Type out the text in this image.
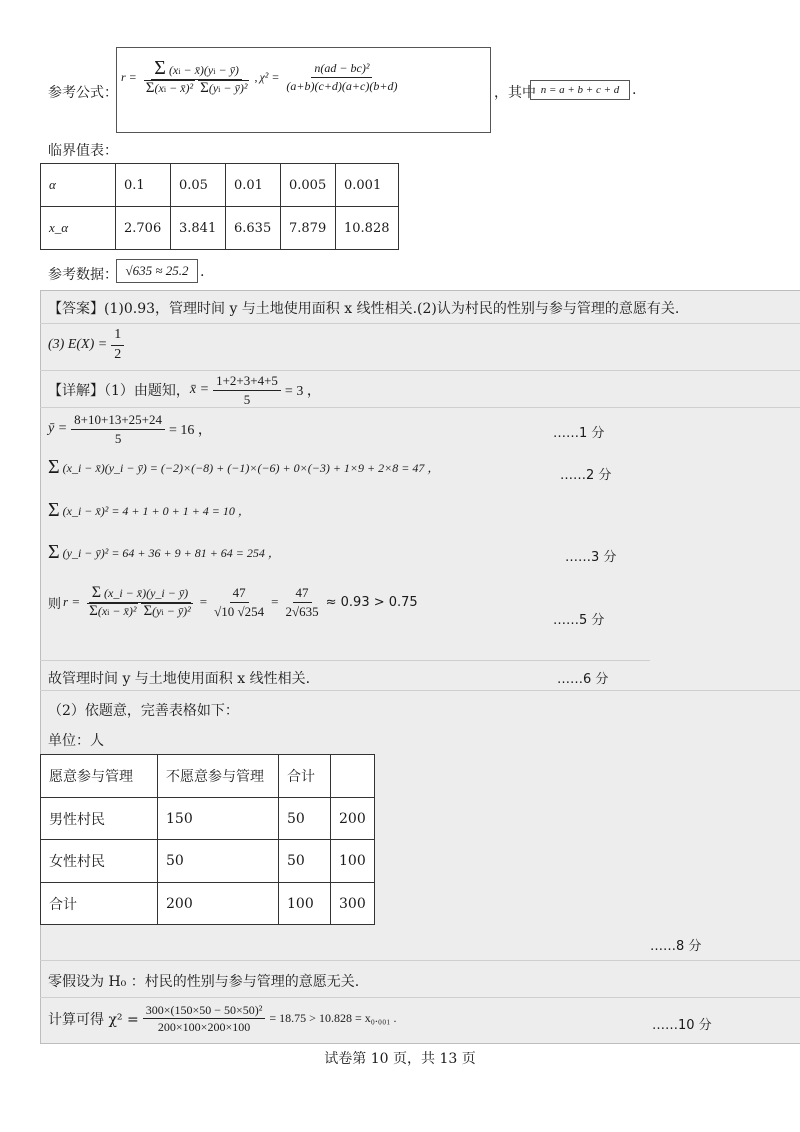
参考公式：
$r = \frac{\Sigma (xi - x̄)(yi - ȳ)}{\text{Σ(xi − x̄)² Σ(yi − ȳ)²}}$ , $\chi^2 = \frac{\text{n(ad − bc)²}}{(a+b)(c+d)(a+c)(b+d)}$
，其中 n = a + b + c + d .
临界值表：
α	0.1	0.05	0.01	0.005	0.001
x_α	2.706	3.841	6.635	7.879	10.828
参考数据： √635 ≈ 25.2 .
【答案】(1)0.93，管理时间 y 与土地使用面积 x 线性相关.(2)认为村民的性别与参与管理的意愿有关.
(3) $E(X) = \frac{1}{2}$
【详解】（1）由题知， x̄ = $\frac{1+2+3+4+5}{5} = 3$ ，
ȳ = $\frac{8+10+13+25+24}{5} = 16$ ，	……1 分
Σ (x_i − x̄)(y_i − ȳ) = (−2)×(−8) + (−1)×(−6) + 0×(−3) + 1×9 + 2×8 = 47 ，
……2 分
Σ (x_i − x̄)² = 4 + 1 + 0 + 1 + 4 = 10 ，
Σ (y_i − ȳ)² = 64 + 36 + 9 + 81 + 64 = 254 ，	……3 分
则 $r = \frac{\Sigma (x\_i - x̄)(y\_i - ȳ)}{\text{Σ(xi − x̄)² Σ(yi − ȳ)²}} = \frac{47}{√10 √254} = \frac{47}{2√635} \approx 0.93 > 0.75$
……5 分
故管理时间 y 与土地使用面积 x 线性相关.	……6 分
（2）依题意，完善表格如下：
单位：人
愿意参与管理	不愿意参与管理	合计	
男性村民	150	50	200
女性村民	50	50	100
合计	200	100	300
……8 分
零假设为 H₀ ：村民的性别与参与管理的意愿无关.
计算可得 $\chi^2 = \frac{\text{300×(150×50 − 50×50)²}}{200\times 100\times 200\times 100} = 18.75 > 10.828 = x_0._{001}$ .	……10 分
试卷第 10 页，共 13 页
